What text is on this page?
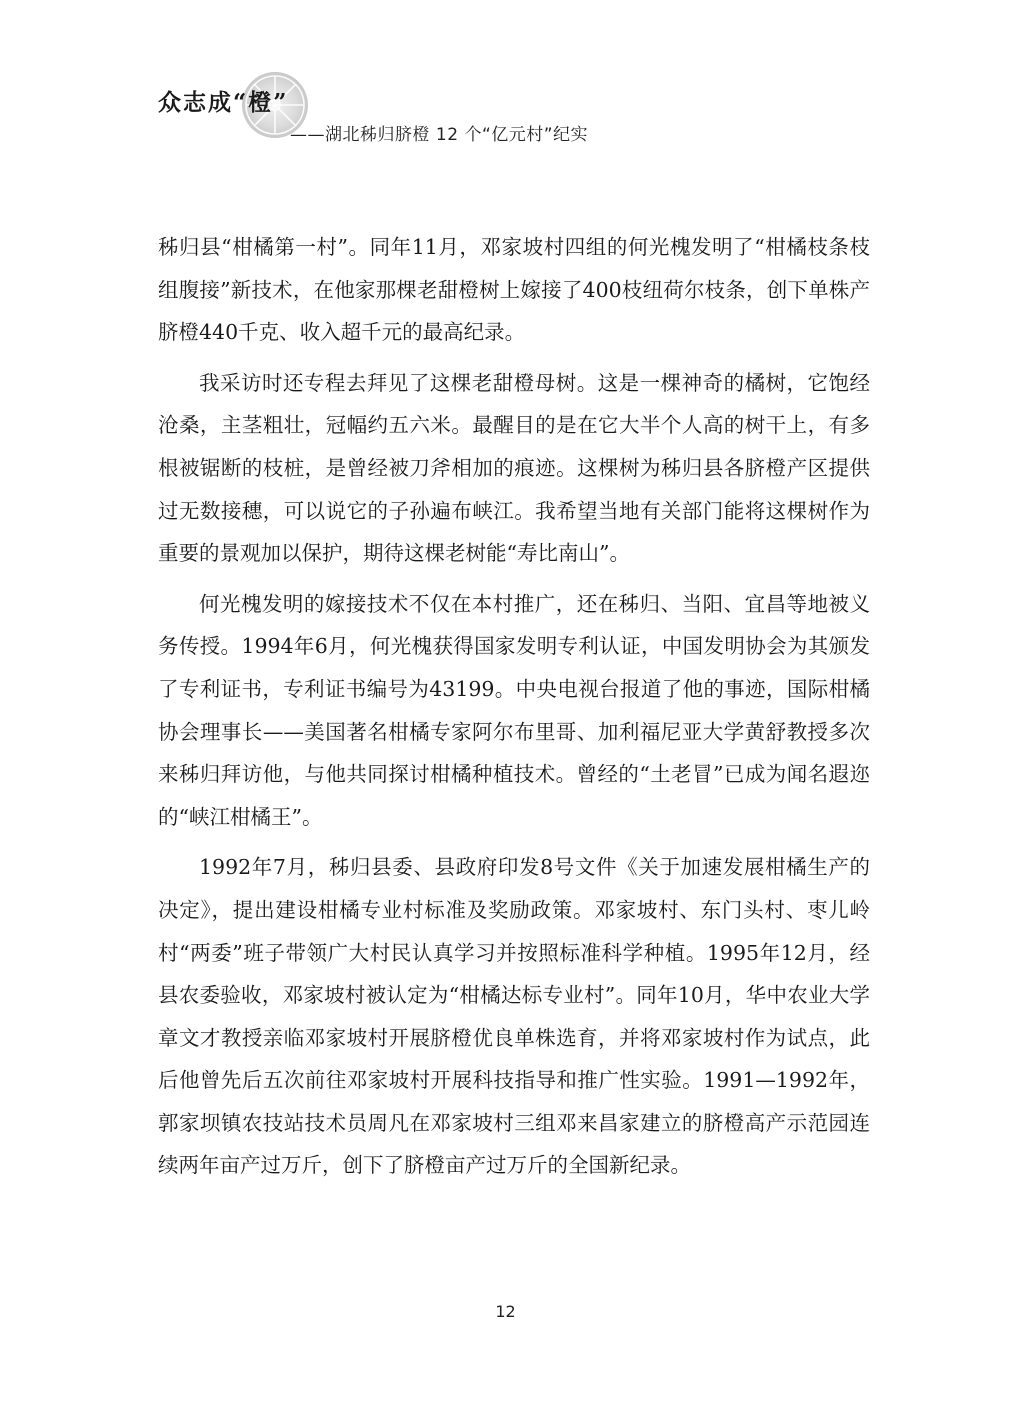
众志成“橙”
——湖北秭归脐橙 12 个“亿元村”纪实

秭归县“柑橘第一村”。同年11月，邓家坡村四组的何光槐发明了“柑橘枝条枝组腹接”新技术，在他家那棵老甜橙树上嫁接了400枝纽荷尔枝条，创下单株产脐橙440千克、收入超千元的最高纪录。

我采访时还专程去拜见了这棵老甜橙母树。这是一棵神奇的橘树，它饱经沧桑，主茎粗壮，冠幅约五六米。最醒目的是在它大半个人高的树干上，有多根被锯断的枝桩，是曾经被刀斧相加的痕迹。这棵树为秭归县各脐橙产区提供过无数接穗，可以说它的子孙遍布峡江。我希望当地有关部门能将这棵树作为重要的景观加以保护，期待这棵老树能“寿比南山”。

何光槐发明的嫁接技术不仅在本村推广，还在秭归、当阳、宜昌等地被义务传授。1994年6月，何光槐获得国家发明专利认证，中国发明协会为其颁发了专利证书，专利证书编号为43199。中央电视台报道了他的事迹，国际柑橘协会理事长——美国著名柑橘专家阿尔布里哥、加利福尼亚大学黄舒教授多次来秭归拜访他，与他共同探讨柑橘种植技术。曾经的“土老冒”已成为闻名遐迩的“峡江柑橘王”。

1992年7月，秭归县委、县政府印发8号文件《关于加速发展柑橘生产的决定》，提出建设柑橘专业村标准及奖励政策。邓家坡村、东门头村、枣儿岭村“两委”班子带领广大村民认真学习并按照标准科学种植。1995年12月，经县农委验收，邓家坡村被认定为“柑橘达标专业村”。同年10月，华中农业大学章文才教授亲临邓家坡村开展脐橙优良单株选育，并将邓家坡村作为试点，此后他曾先后五次前往邓家坡村开展科技指导和推广性实验。1991—1992年，郭家坝镇农技站技术员周凡在邓家坡村三组邓来昌家建立的脐橙高产示范园连续两年亩产过万斤，创下了脐橙亩产过万斤的全国新纪录。

12
